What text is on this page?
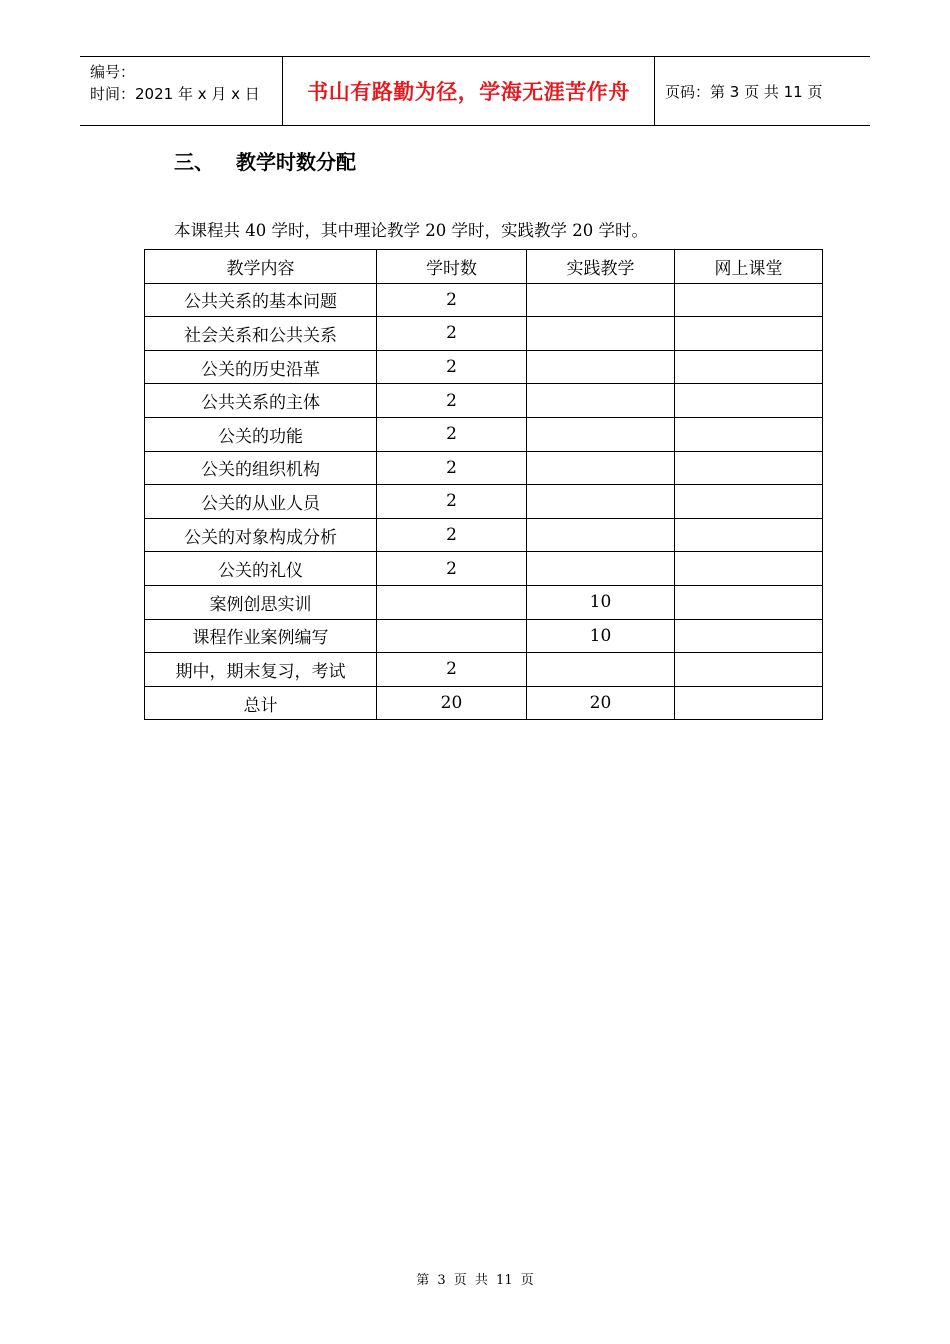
编号：
时间：2021 年 x 月 x 日	书山有路勤为径，学海无涯苦作舟 页码：第 3 页 共 11 页
三、 教学时数分配
本课程共 40 学时，其中理论教学 20 学时，实践教学 20 学时。
教学内容	学时数	实践教学	网上课堂
公共关系的基本问题	2		
社会关系和公共关系	2		
公关的历史沿革	2		
公共关系的主体	2		
公关的功能	2		
公关的组织机构	2		
公关的从业人员	2		
公关的对象构成分析	2		
公关的礼仪	2		
案例创思实训		10	
课程作业案例编写		10	
期中，期末复习，考试	2		
总计	20	20	
第 3 页 共 11 页
